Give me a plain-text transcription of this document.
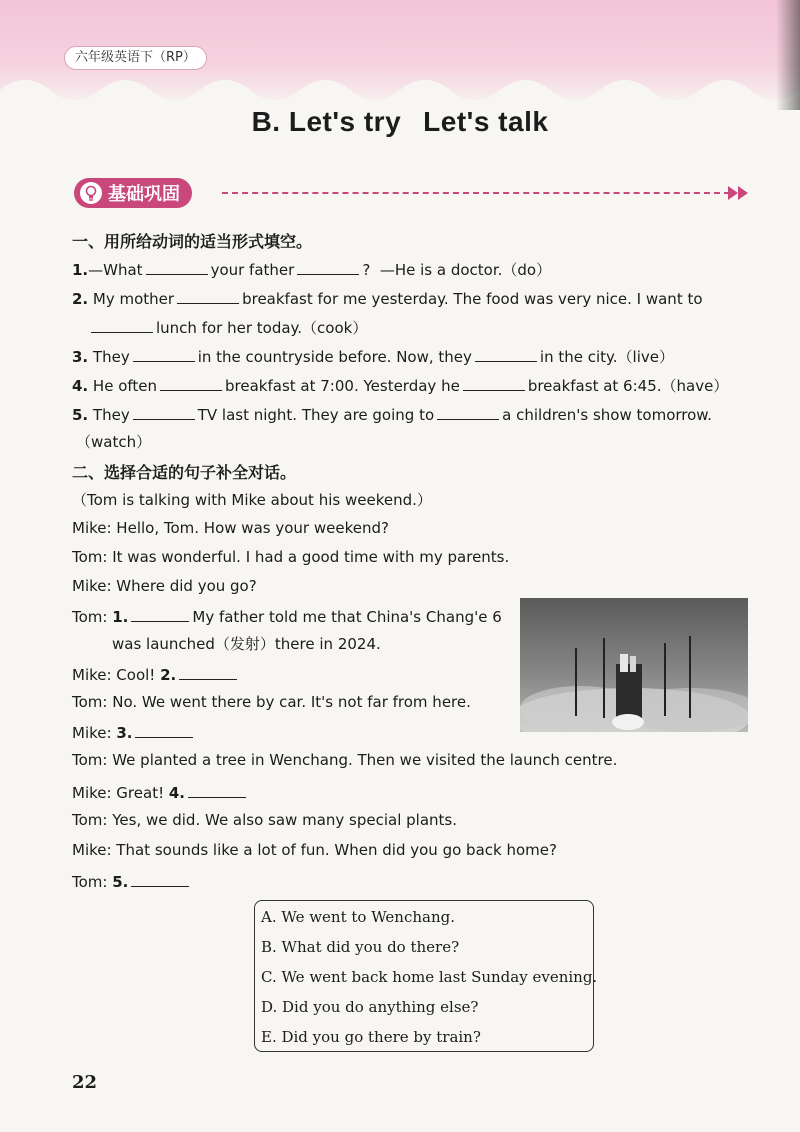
六年级英语下（RP）
B. Let's try Let's talk
基础巩固
一、用所给动词的适当形式填空。
1.—What	your father	? —He is a doctor.（do）
2. My mother	breakfast for me yesterday. The food was very nice. I want to
lunch for her today.（cook）
3. They	in the countryside before. Now, they	in the city.（live）
4. He often	breakfast at 7:00. Yesterday he	breakfast at 6:45.（have）
5. They	TV last night. They are going to	a children's show tomorrow.
（watch）
二、选择合适的句子补全对话。
（Tom is talking with Mike about his weekend.）
Mike: Hello, Tom. How was your weekend?
Tom: It was wonderful. I had a good time with my parents.
Mike: Where did you go?
Tom: 1.	My father told me that China's Chang'e 6
was launched（发射）there in 2024.
Mike: Cool! 2.
Tom: No. We went there by car. It's not far from here.
Mike: 3.
Tom: We planted a tree in Wenchang. Then we visited the launch centre.
Mike: Great! 4.
Tom: Yes, we did. We also saw many special plants.
Mike: That sounds like a lot of fun. When did you go back home?
Tom: 5.
A. We went to Wenchang.
B. What did you do there?
C. We went back home last Sunday evening.
D. Did you do anything else?
E. Did you go there by train?
22
